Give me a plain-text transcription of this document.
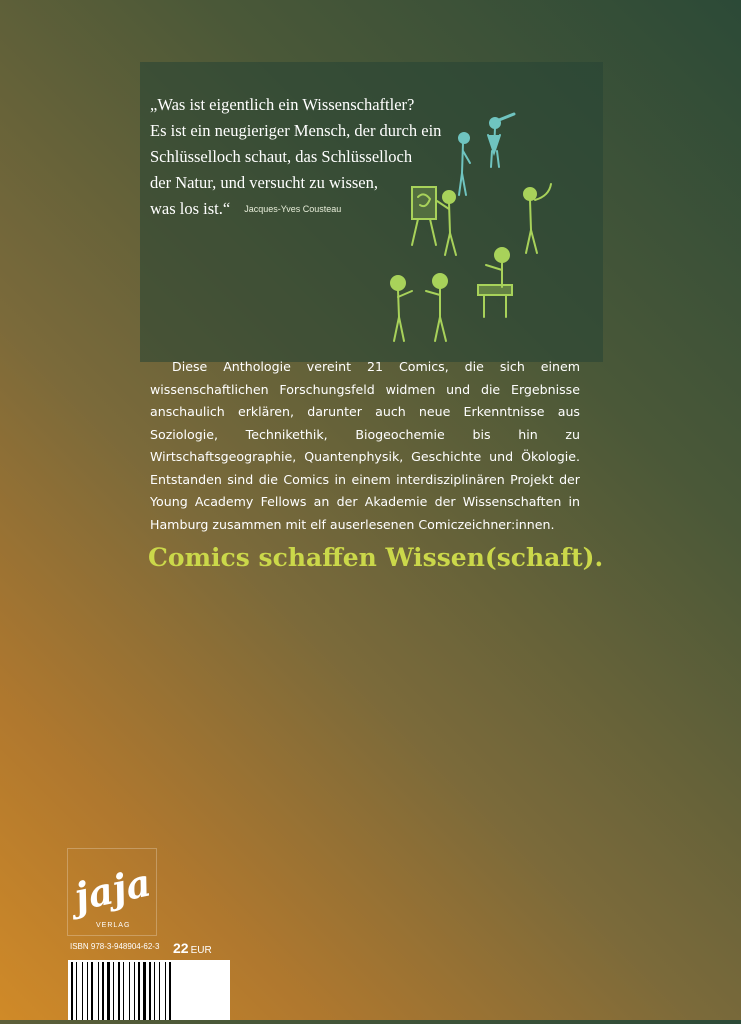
„Was ist eigentlich ein Wissenschaftler?
Es ist ein neugieriger Mensch, der durch ein
Schlüsselloch schaut, das Schlüsselloch
der Natur, und versucht zu wissen,
was los ist.“ Jacques-Yves Cousteau

Diese Anthologie vereint 21 Comics, die sich einem wissenschaftlichen Forschungsfeld widmen und die Ergebnisse anschaulich erklären, darunter auch neue Erkenntnisse aus Soziologie, Technikethik, Biogeochemie bis hin zu Wirtschaftsgeographie, Quantenphysik, Geschichte und Ökologie. Entstanden sind die Comics in einem interdisziplinären Projekt der Young Academy Fellows an der Akademie der Wissenschaften in Hamburg zusammen mit elf auserlesenen Comiczeichner:innen.

Comics schaffen Wissen(schaft).

jaja
VERLAG
ISBN 978-3-948904-62-3 22 EUR
